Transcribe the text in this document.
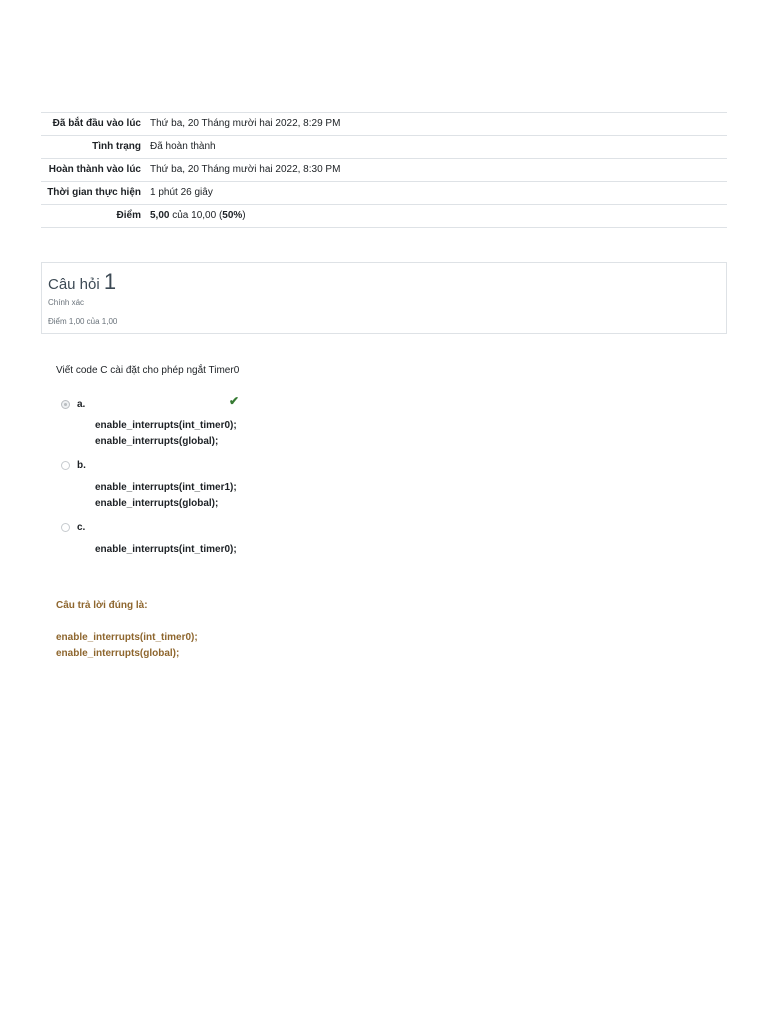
Đã bắt đầu vào lúc	Thứ ba, 20 Tháng mười hai 2022, 8:29 PM
Tình trạng	Đã hoàn thành
Hoàn thành vào lúc	Thứ ba, 20 Tháng mười hai 2022, 8:30 PM
Thời gian thực hiện	1 phút 26 giây
Điểm	5,00 của 10,00 (50%)
Câu hỏi 1
Chính xác
Điểm 1,00 của 1,00
Viết code C cài đặt cho phép ngắt Timer0
a.	✔
enable_interrupts(int_timer0);
enable_interrupts(global);
b.
enable_interrupts(int_timer1);
enable_interrupts(global);
c.
enable_interrupts(int_timer0);
Câu trả lời đúng là:
enable_interrupts(int_timer0);
enable_interrupts(global);
